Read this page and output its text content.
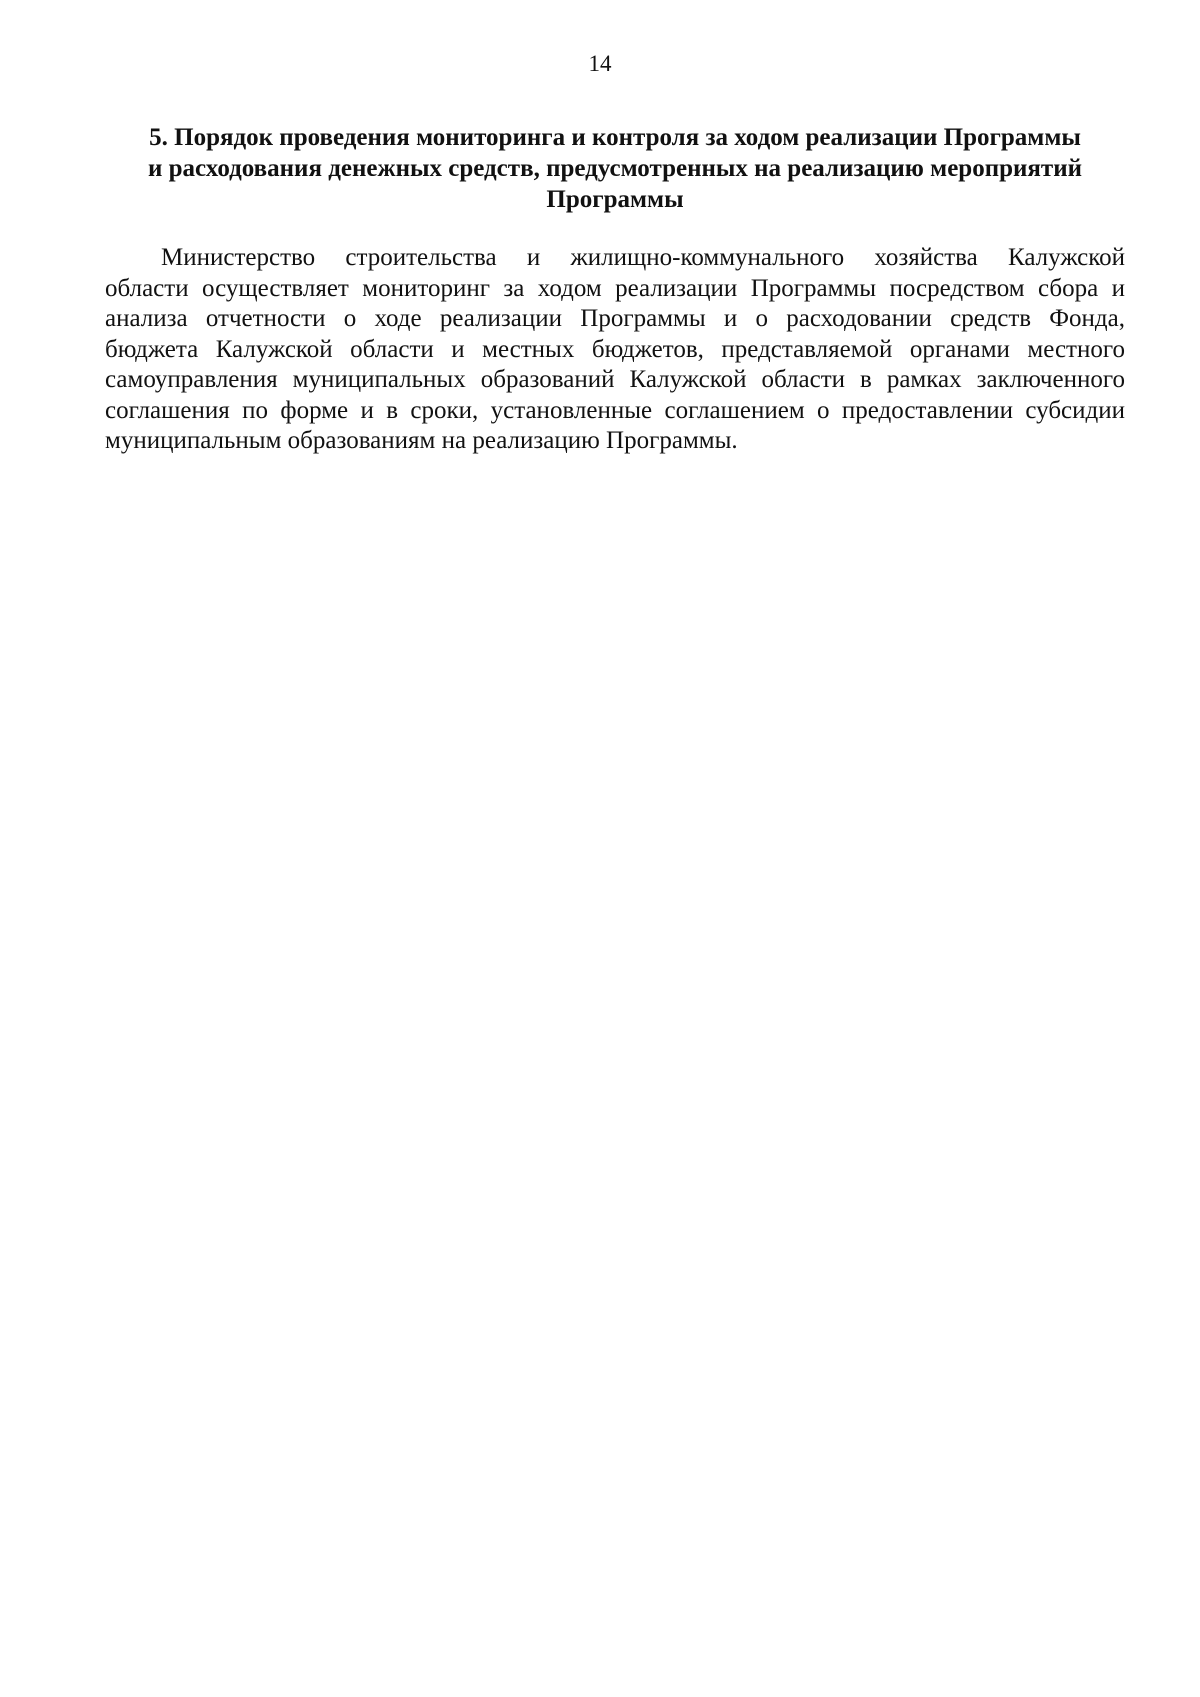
14
5. Порядок проведения мониторинга и контроля за ходом реализации Программы
и расходования денежных средств, предусмотренных на реализацию мероприятий
Программы
Министерство строительства и жилищно-коммунального хозяйства Калужской
области осуществляет мониторинг за ходом реализации Программы посредством сбора и
анализа отчетности о ходе реализации Программы и о расходовании средств Фонда,
бюджета Калужской области и местных бюджетов, представляемой органами местного
самоуправления муниципальных образований Калужской области в рамках заключенного
соглашения по форме и в сроки, установленные соглашением о предоставлении субсидии
муниципальным образованиям на реализацию Программы.
